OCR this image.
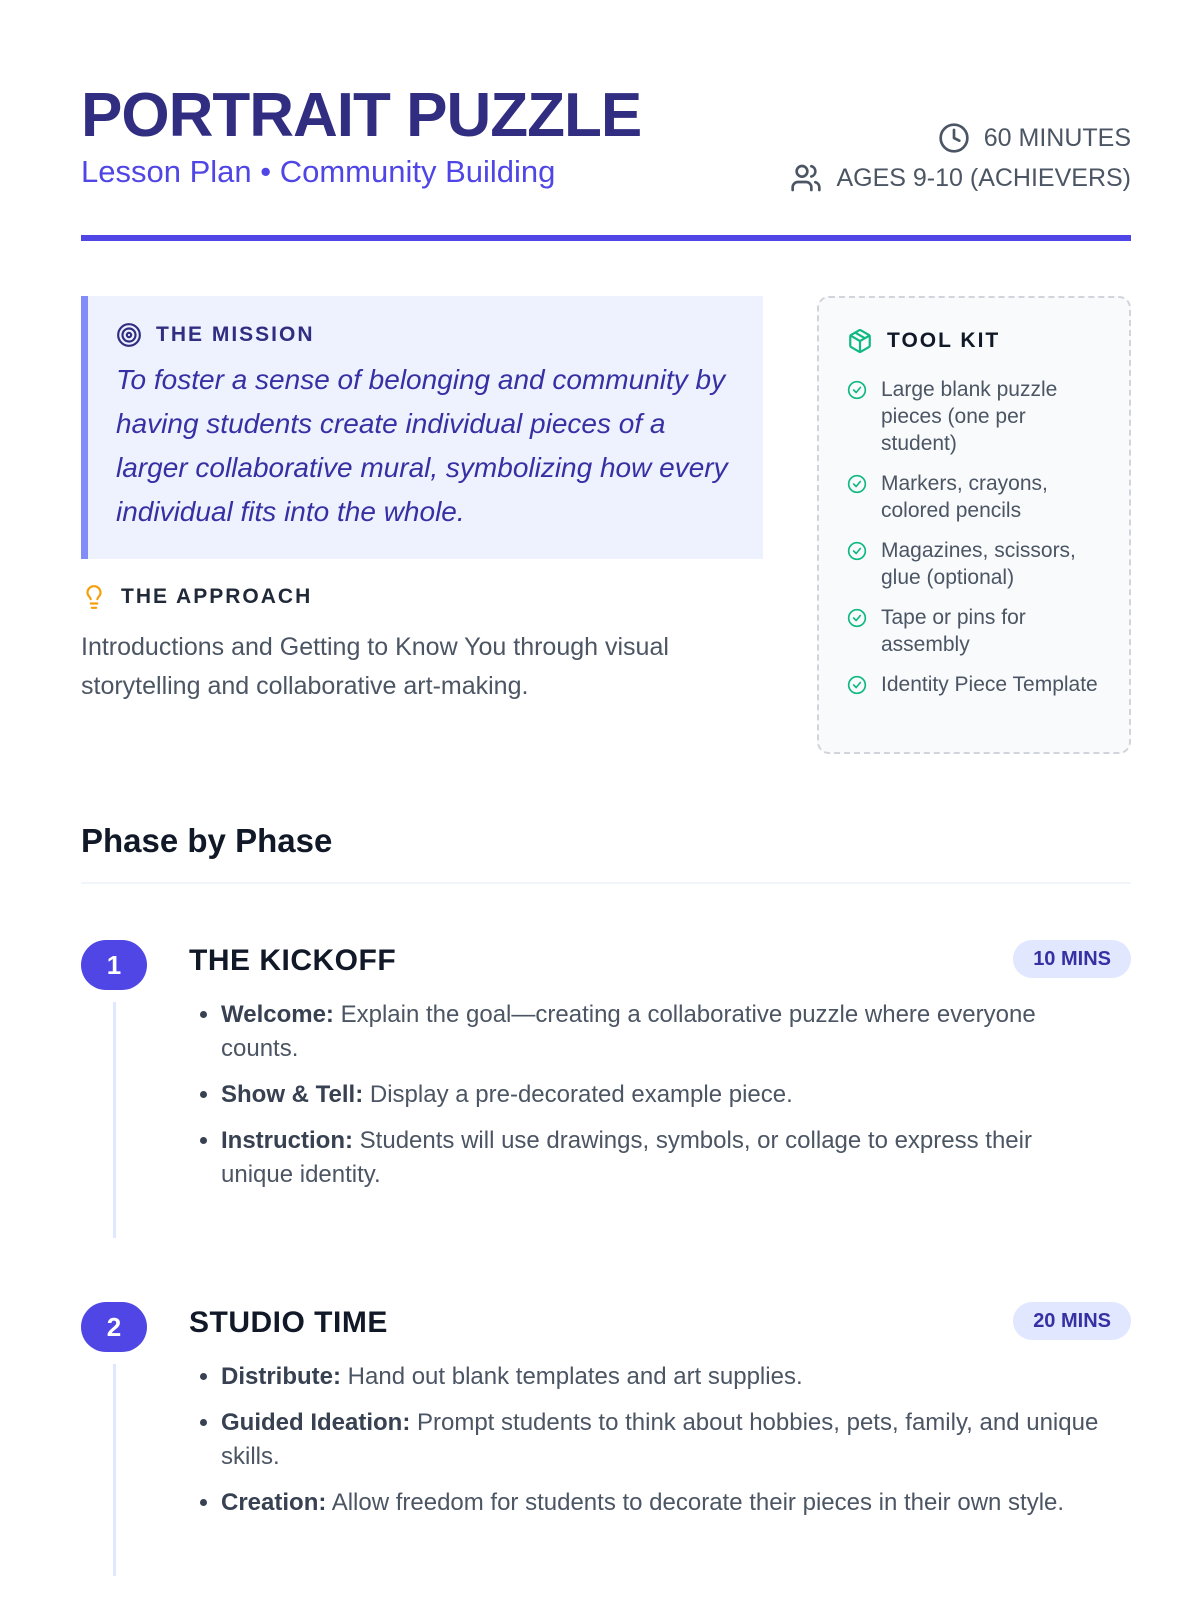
PORTRAIT PUZZLE
Lesson Plan • Community Building
60 MINUTES
AGES 9-10 (ACHIEVERS)
THE MISSION

To foster a sense of belonging and community by having students create individual pieces of a larger collaborative mural, symbolizing how every individual fits into the whole.

THE APPROACH

Introductions and Getting to Know You through visual storytelling and collaborative art-making.

TOOL KIT
Large blank puzzle pieces (one per student)
Markers, crayons, colored pencils
Magazines, scissors, glue (optional)
Tape or pins for assembly
Identity Piece Template
Phase by Phase
1	THE KICKOFF	10 MINS
• Welcome: Explain the goal—creating a collaborative puzzle where everyone counts.
• Show & Tell: Display a pre-decorated example piece.
• Instruction: Students will use drawings, symbols, or collage to express their unique identity.
2	STUDIO TIME	20 MINS
• Distribute: Hand out blank templates and art supplies.
• Guided Ideation: Prompt students to think about hobbies, pets, family, and unique skills.
• Creation: Allow freedom for students to decorate their pieces in their own style.
